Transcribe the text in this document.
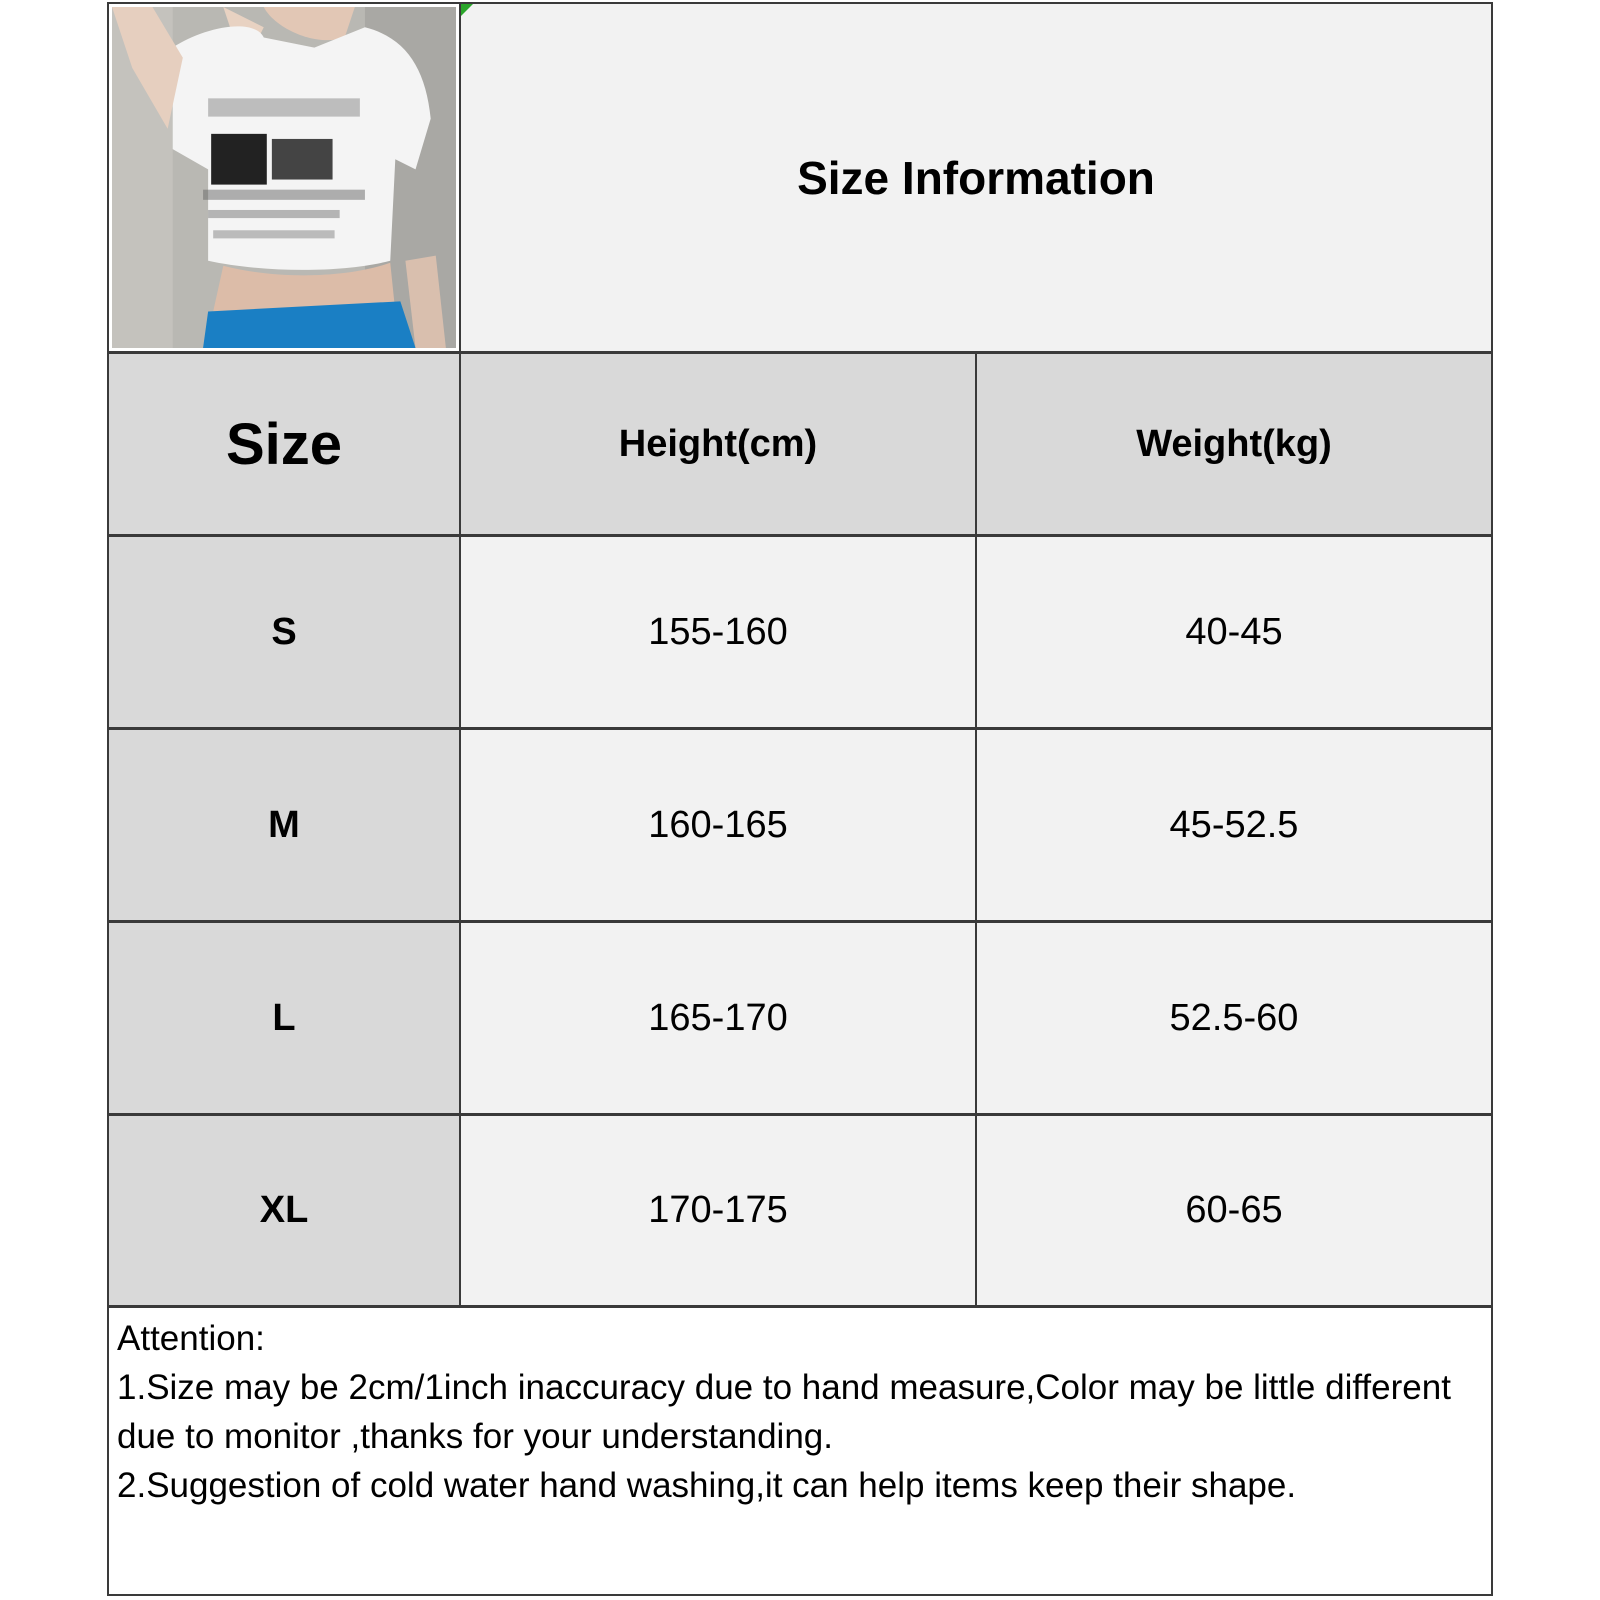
Size Information
Size	Height(cm)	Weight(kg)
S	155-160	40-45
M	160-165	45-52.5
L	165-170	52.5-60
XL	170-175	60-65

Attention:

1.Size may be 2cm/1inch inaccuracy due to hand measure,Color may be little different due to monitor ,thanks for your understanding.

2.Suggestion of cold water hand washing,it can help items keep their shape.
